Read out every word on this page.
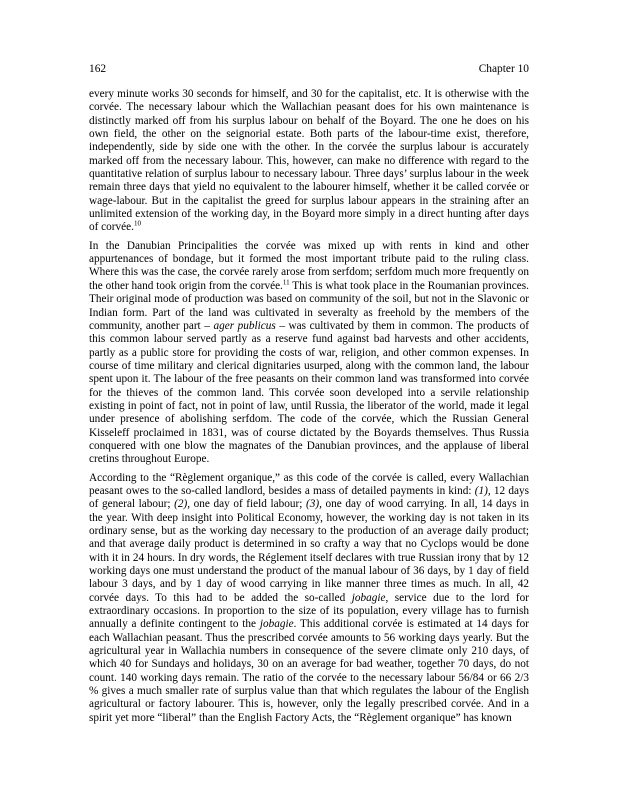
162	Chapter 10

every minute works 30 seconds for himself, and 30 for the capitalist, etc. It is otherwise with the corvée. The necessary labour which the Wallachian peasant does for his own maintenance is distinctly marked off from his surplus labour on behalf of the Boyard. The one he does on his own field, the other on the seignorial estate. Both parts of the labour-time exist, therefore, independently, side by side one with the other. In the corvée the surplus labour is accurately marked off from the necessary labour. This, however, can make no difference with regard to the quantitative relation of surplus labour to necessary labour. Three days’ surplus labour in the week remain three days that yield no equivalent to the labourer himself, whether it be called corvée or wage-labour. But in the capitalist the greed for surplus labour appears in the straining after an unlimited extension of the working day, in the Boyard more simply in a direct hunting after days of corvée.$^{10}$

In the Danubian Principalities the corvée was mixed up with rents in kind and other appurtenances of bondage, but it formed the most important tribute paid to the ruling class. Where this was the case, the corvée rarely arose from serfdom; serfdom much more frequently on the other hand took origin from the corvée.$^{11}$ This is what took place in the Roumanian provinces. Their original mode of production was based on community of the soil, but not in the Slavonic or Indian form. Part of the land was cultivated in severalty as freehold by the members of the community, another part – ager publicus – was cultivated by them in common. The products of this common labour served partly as a reserve fund against bad harvests and other accidents, partly as a public store for providing the costs of war, religion, and other common expenses. In course of time military and clerical dignitaries usurped, along with the common land, the labour spent upon it. The labour of the free peasants on their common land was transformed into corvée for the thieves of the common land. This corvée soon developed into a servile relationship existing in point of fact, not in point of law, until Russia, the liberator of the world, made it legal under presence of abolishing serfdom. The code of the corvée, which the Russian General Kisseleff proclaimed in 1831, was of course dictated by the Boyards themselves. Thus Russia conquered with one blow the magnates of the Danubian provinces, and the applause of liberal cretins throughout Europe.

According to the “Règlement organique,” as this code of the corvée is called, every Wallachian peasant owes to the so-called landlord, besides a mass of detailed payments in kind: (1), 12 days of general labour; (2), one day of field labour; (3), one day of wood carrying. In all, 14 days in the year. With deep insight into Political Economy, however, the working day is not taken in its ordinary sense, but as the working day necessary to the production of an average daily product; and that average daily product is determined in so crafty a way that no Cyclops would be done with it in 24 hours. In dry words, the Réglement itself declares with true Russian irony that by 12 working days one must understand the product of the manual labour of 36 days, by 1 day of field labour 3 days, and by 1 day of wood carrying in like manner three times as much. In all, 42 corvée days. To this had to be added the so-called jobagie, service due to the lord for extraordinary occasions. In proportion to the size of its population, every village has to furnish annually a definite contingent to the jobagie. This additional corvée is estimated at 14 days for each Wallachian peasant. Thus the prescribed corvée amounts to 56 working days yearly. But the agricultural year in Wallachia numbers in consequence of the severe climate only 210 days, of which 40 for Sundays and holidays, 30 on an average for bad weather, together 70 days, do not count. 140 working days remain. The ratio of the corvée to the necessary labour 56/84 or 66 2/3 % gives a much smaller rate of surplus value than that which regulates the labour of the English agricultural or factory labourer. This is, however, only the legally prescribed corvée. And in a spirit yet more “liberal” than the English Factory Acts, the “Règlement organique” has known
